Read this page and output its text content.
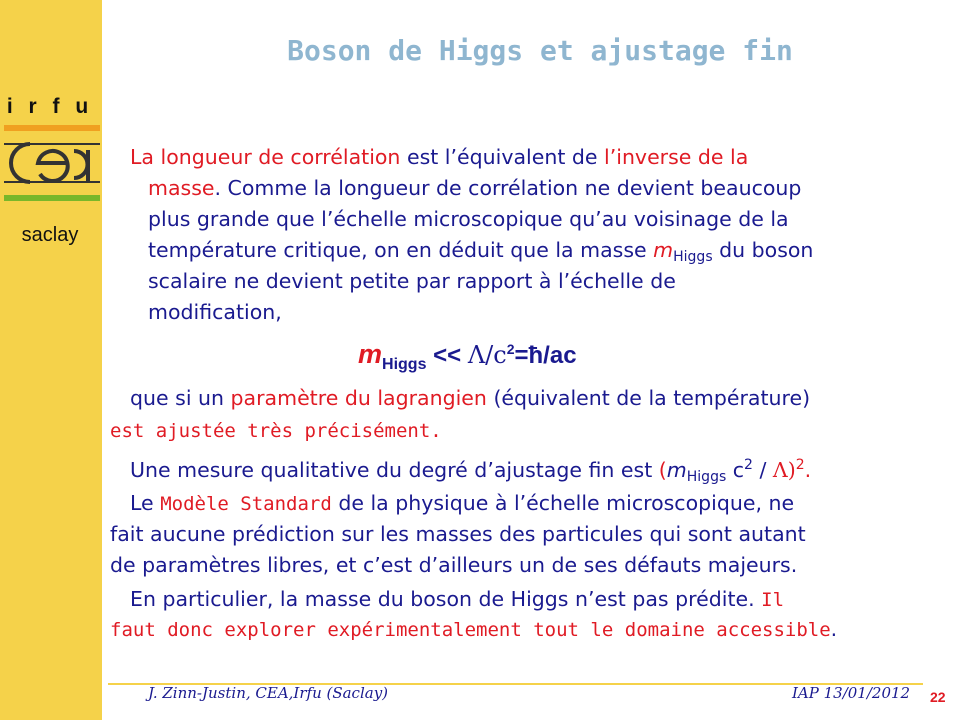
i r f u
saclay
Boson de Higgs et ajustage fin
La longueur de corrélation est l’équivalent de l’inverse de la
masse. Comme la longueur de corrélation ne devient beaucoup
plus grande que l’échelle microscopique qu’au voisinage de la
température critique, on en déduit que la masse $m_{Higgs}$ du boson
scalaire ne devient petite par rapport à l’échelle de
modification,
$m_{Higgs}$ << $\Lambda/c^2=ħ/ac$
que si un paramètre du lagrangien (équivalent de la température)
est ajustée très précisément.
Une mesure qualitative du degré d’ajustage fin est ($m_{Higgs}$ $c^2 / \Lambda)^2$.
Le Modèle Standard de la physique à l’échelle microscopique, ne
fait aucune prédiction sur les masses des particules qui sont autant
de paramètres libres, et c’est d’ailleurs un de ses défauts majeurs.
En particulier, la masse du boson de Higgs n’est pas prédite. Il
faut donc explorer expérimentalement tout le domaine accessible.
J. Zinn-Justin, CEA,Irfu (Saclay)	IAP 13/01/2012 22
